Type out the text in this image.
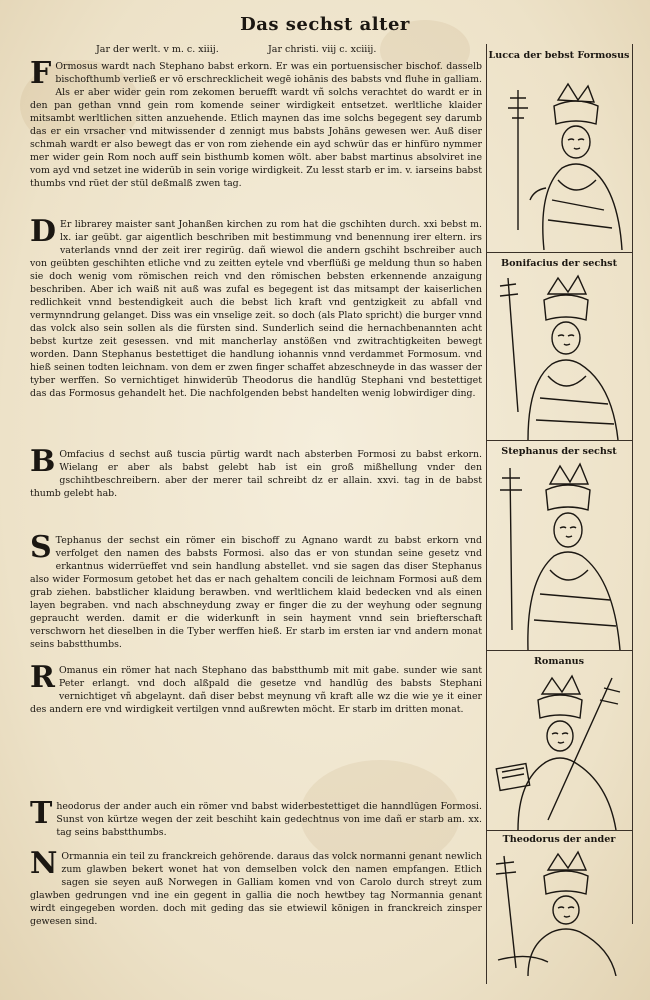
Das sechst alter
Jar der werlt. v m. c. xiiij.	Jar christi. viij c. xciiij.

F Ormosus wardt nach Stephano babst erkorn. Er was ein portuensischer bischof. dasselb bischofthumb verließ er vō erschrecklicheit wegē iohānis des babsts vnd fluhe in galliam. Als er aber wider gein rom zekomen beruefft wardt vñ solchs verachtet do wardt er in den pan gethan vnnd gein rom komende seiner wirdigkeit entsetzet. werltliche klaider mitsambt werltlichen sitten anzuehende. Etlich maynen das ime solchs begegent sey darumb das er ein vrsacher vnd mitwissender d zennigt mus babsts Johāns gewesen wer. Auß diser schmah wardt er also bewegt das er von rom ziehende ein ayd schwür das er hinfüro nymmer mer wider gein Rom noch auff sein bisthumb komen wölt. aber babst martinus absolviret ine vom ayd vnd setzet ine widerūb in sein vorige wirdigkeit. Zu lesst starb er im. v. iarseins babst thumbs vnd rüet der stül deßmalß zwen tag.

D Er librarey maister sant Johanßen kirchen zu rom hat die gschihten durch. xxi bebst m. lx. iar geübt. gar aigentlich beschriben mit bestimmung vnd benennung irer eltern. irs vaterlands vnnd der zeit irer regirūg. dañ wiewol die andern gschiht bschreiber auch von geübten geschihten etliche vnd zu zeitten eytele vnd vberflüßi ge meldung thun so haben sie doch wenig vom römischen reich vnd den römischen bebsten erkennende anzaigung beschriben. Aber ich waiß nit auß was zufal es begegent ist das mitsampt der kaiserlichen redlichkeit vnnd bestendigkeit auch die bebst lich kraft vnd gentzigkeit zu abfall vnd vermynndrung gelanget. Diss was ein vnselige zeit. so doch (als Plato spricht) die burger vnnd das volck also sein sollen als die fürsten sind. Sunderlich seind die hernachbenannten acht bebst kurtze zeit gesessen. vnd mit mancherlay anstößen vnd zwitrachtigkeiten bewegt worden. Dann Stephanus bestettiget die handlung iohannis vnnd verdammet Formosum. vnd hieß seinen todten leichnam. von dem er zwen finger schaffet abzeschneyde in das wasser der tyber werffen. So vernichtiget hinwiderūb Theodorus die handlūg Stephani vnd bestettiget das das Formosus gehandelt het. Die nachfolgenden bebst handelten wenig lobwirdiger ding.

B Omfacius d sechst auß tuscia pürtig wardt nach absterben Formosi zu babst erkorn. Wielang er aber als babst gelebt hab ist ein groß mißhellung vnder den gschihtbeschreibern. aber der merer tail schreibt dz er allain. xxvi. tag in de babst thumb gelebt hab.

S Tephanus der sechst ein römer ein bischoff zu Agnano wardt zu babst erkorn vnd verfolget den namen des babsts Formosi. also das er von stundan seine gesetz vnd erkantnus widerrüeffet vnd sein handlung abstellet. vnd sie sagen das diser Stephanus also wider Formosum getobet het das er nach gehaltem concili de leichnam Formosi auß dem grab ziehen. babstlicher klaidung berawben. vnd werltlichem klaid bedecken vnd als einen layen begraben. vnd nach abschneydung zway er finger die zu der weyhung oder segnung gepraucht werden. damit er die widerkunft in sein hayment vnnd sein briefterschaft verschworn het dieselben in die Tyber werffen hieß. Er starb im ersten iar vnd andern monat seins babstthumbs.

R Omanus ein römer hat nach Stephano das babstthumb mit mit gabe. sunder wie sant Peter erlangt. vnd doch alßpald die gesetze vnd handlūg des babsts Stephani vernichtiget vñ abgelaynt. dañ diser bebst meynung vñ kraft alle wz die wie ye it einer des andern ere vnd wirdigkeit vertilgen vnnd außrewten möcht. Er starb im dritten monat.

Theodorus der ander auch ein römer vnd babst widerbestettiget die hanndlūgen Formosi. Sunst von kürtze wegen der zeit beschiht kain gedechtnus von ime dañ er starb am. xx. tag seins babstthumbs.

N Ormannia ein teil zu franckreich gehörende. daraus das volck normanni genant newlich zum glawben bekert wonet hat von demselben volck den namen empfangen. Etlich sagen sie seyen auß Norwegen in Galliam komen vnd von Carolo durch streyt zum glawben gedrungen vnd ine ein gegent in gallia die noch hewtbey tag Normannia genant wirdt eingegeben worden. doch mit geding das sie etwiewil königen in franckreich zinsper gewesen sind.

Lucca der bebst Formosus
Bonifacius der sechst
Stephanus der sechst
Romanus
Theodorus der ander
